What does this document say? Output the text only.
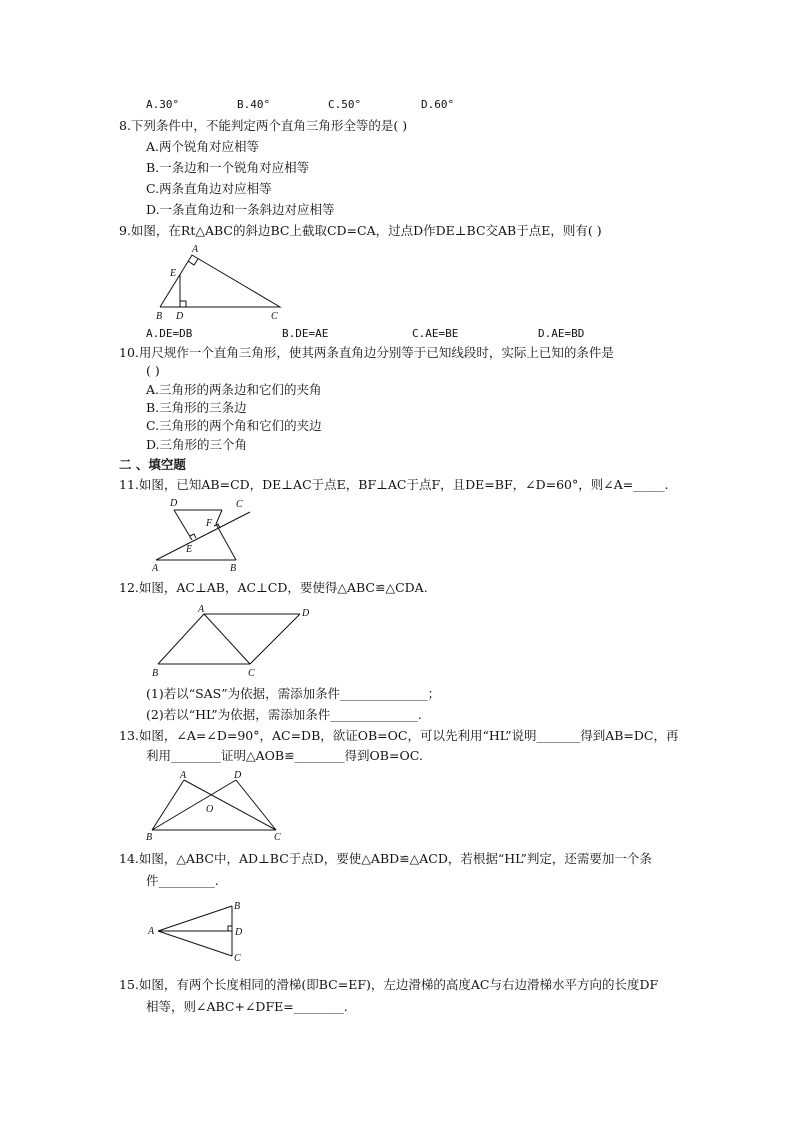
A.30°	B.40°	C.50°	D.60°
8.下列条件中，不能判定两个直角三角形全等的是( )
A.两个锐角对应相等
B.一条边和一个锐角对应相等
C.两条直角边对应相等
D.一条直角边和一条斜边对应相等
9.如图，在Rt△ABC的斜边BC上截取CD=CA，过点D作DE⊥BC交AB于点E，则有( )
A
E
B D	C
A.DE=DB	B.DE=AE	C.AE=BE	D.AE=BD
10.用尺规作一个直角三角形，使其两条直角边分别等于已知线段时，实际上已知的条件是
( )
A.三角形的两条边和它们的夹角
B.三角形的三条边
C.三角形的两个角和它们的夹边
D.三角形的三个角
二 、填空题
11.如图，已知AB=CD，DE⊥AC于点E，BF⊥AC于点F，且DE=BF，∠D=60°，则∠A=_____.
D	C
F
E
A	B
12.如图，AC⊥AB，AC⊥CD，要使得△ABC≌△CDA.
A	D
B	C
(1)若以“SAS”为依据，需添加条件______________；
(2)若以“HL”为依据，需添加条件______________.
13.如图，∠A=∠D=90°，AC=DB，欲证OB=OC，可以先利用“HL”说明_______得到AB=DC，再
利用________证明△AOB≌________得到OB=OC.
A	D
O
B	C
14.如图，△ABC中，AD⊥BC于点D，要使△ABD≌△ACD，若根据“HL”判定，还需要加一个条
件_________.
A
B
D
C
15.如图，有两个长度相同的滑梯(即BC=EF)，左边滑梯的高度AC与右边滑梯水平方向的长度DF
相等，则∠ABC+∠DFE=________.
